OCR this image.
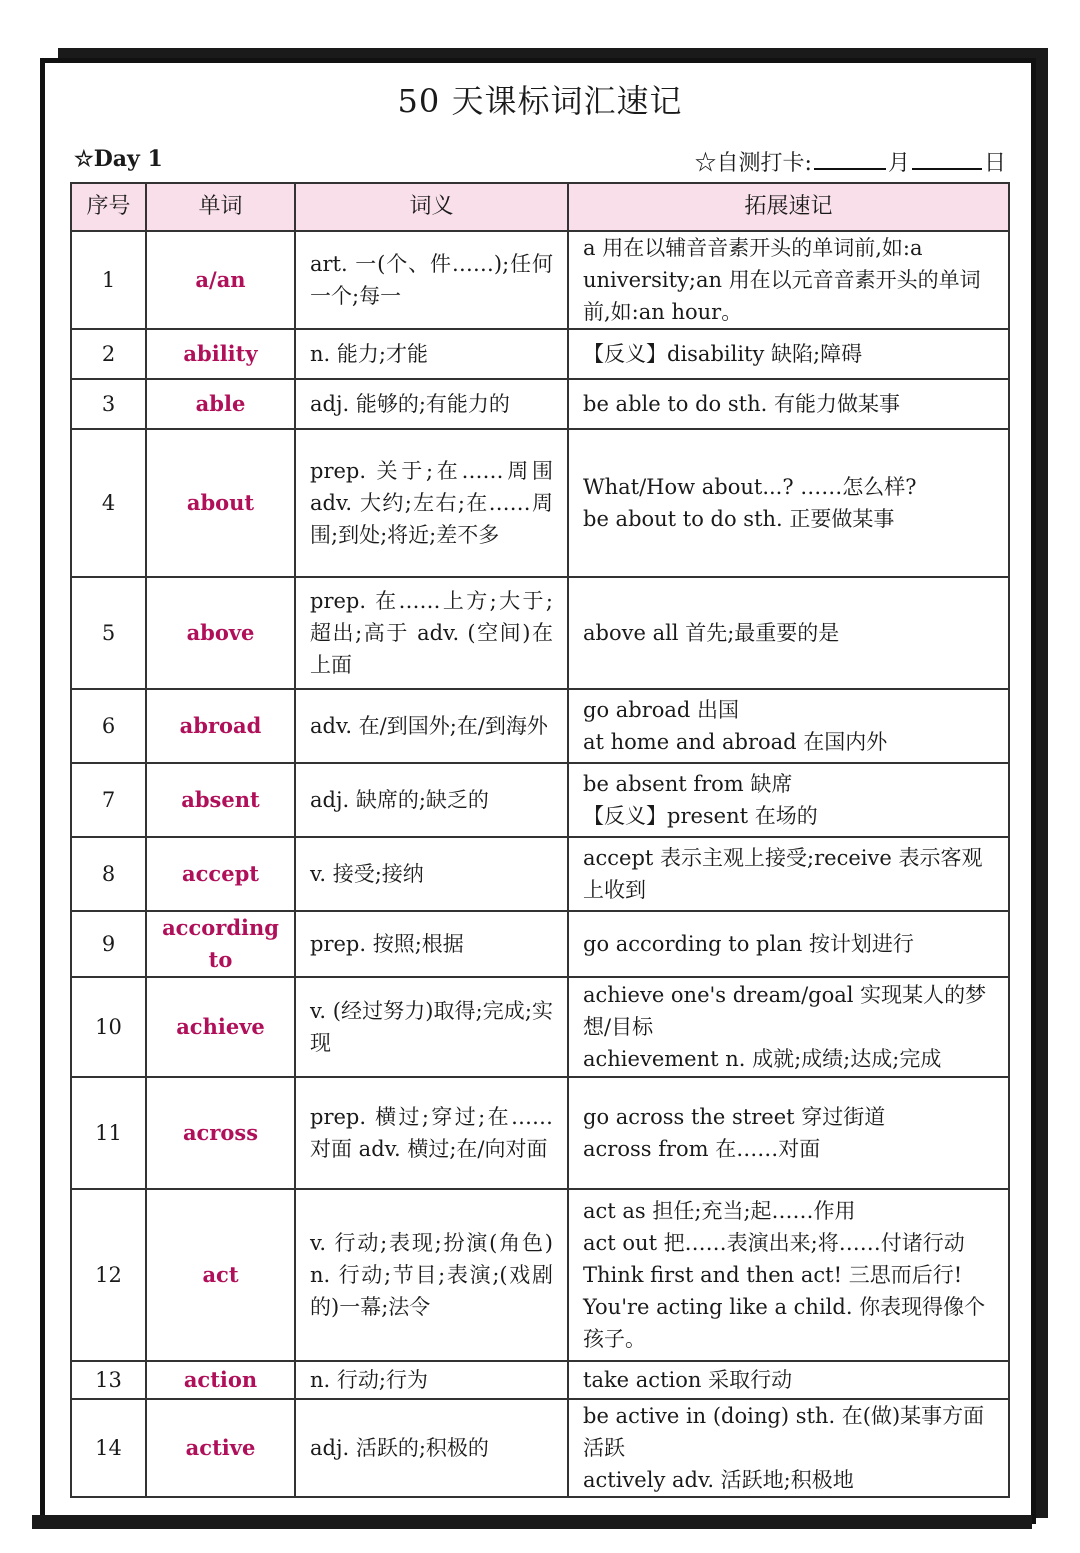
50 天课标词汇速记
☆Day 1	☆自测打卡:	月	日
序号	单词	词义	拓展速记
1	a/an	art. 一(个、件……);任何一个;每一	a 用在以辅音音素开头的单词前,如:a university;an 用在以元音音素开头的单词前,如:an hour。

2	ability	n. 能力;才能	【反义】disability 缺陷;障碍

3	able	adj. 能够的;有能力的	be able to do sth. 有能力做某事

4	about	prep. 关于;在……周围 adv. 大约;左右;在……周围;到处;将近;差不多	What/How about...? ……怎么样?
be about to do sth. 正要做某事

5	above	prep. 在……上方;大于;超出;高于 adv. (空间)在上面	above all 首先;最重要的是

6	abroad	adv. 在/到国外;在/到海外	go abroad 出国
at home and abroad 在国内外

7	absent	adj. 缺席的;缺乏的	be absent from 缺席
【反义】present 在场的

8	accept	v. 接受;接纳	accept 表示主观上接受;receive 表示客观上收到

9	according to	prep. 按照;根据	go according to plan 按计划进行

10	achieve	v. (经过努力)取得;完成;实现	achieve one's dream/goal 实现某人的梦想/目标
achievement n. 成就;成绩;达成;完成

11	across	prep. 横过;穿过;在……对面 adv. 横过;在/向对面	go across the street 穿过街道
across from 在……对面

12	act	v. 行动;表现;扮演(角色) n. 行动;节目;表演;(戏剧的)一幕;法令	act as 担任;充当;起……作用
act out 把……表演出来;将……付诸行动
Think first and then act! 三思而后行!
You're acting like a child. 你表现得像个孩子。

13	action	n. 行动;行为	take action 采取行动

14	active	adj. 活跃的;积极的	be active in (doing) sth. 在(做)某事方面活跃
actively adv. 活跃地;积极地
